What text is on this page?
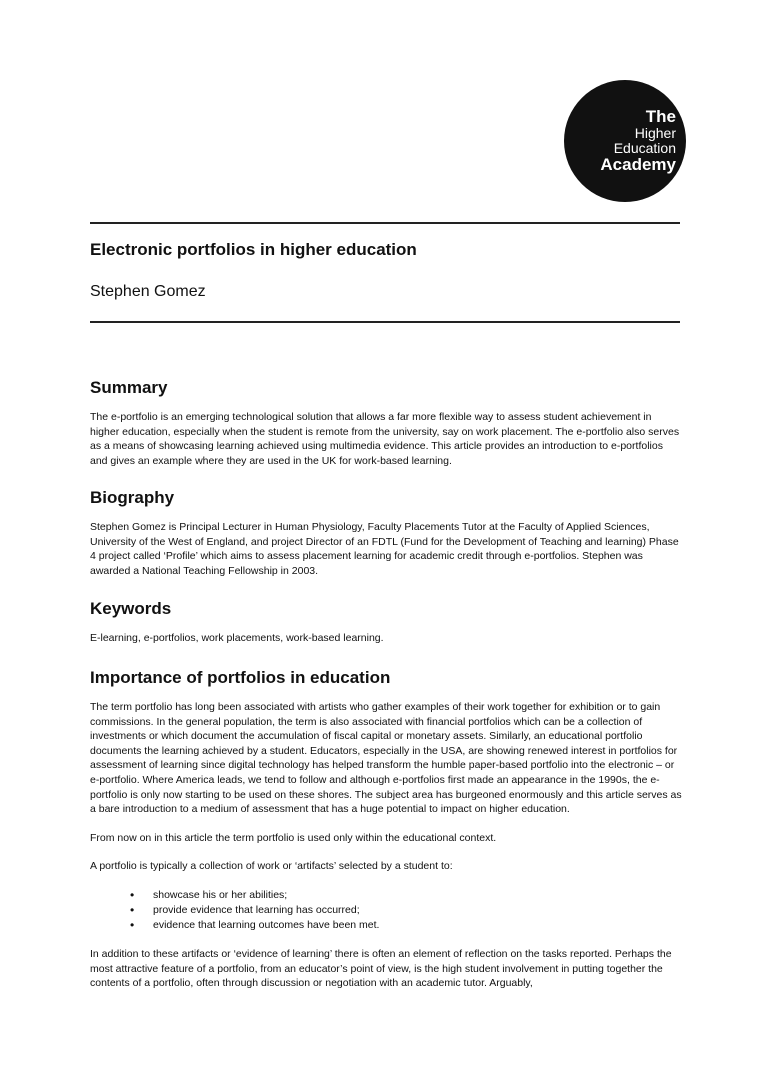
The
Higher
Education
Academy
Electronic portfolios in higher education
Stephen Gomez
Summary

The e-portfolio is an emerging technological solution that allows a far more flexible way to assess student achievement in higher education, especially when the student is remote from the university, say on work placement. The e-portfolio also serves as a means of showcasing learning achieved using multimedia evidence. This article provides an introduction to e-portfolios and gives an example where they are used in the UK for work-based learning.

Biography

Stephen Gomez is Principal Lecturer in Human Physiology, Faculty Placements Tutor at the Faculty of Applied Sciences, University of the West of England, and project Director of an FDTL (Fund for the Development of Teaching and learning) Phase 4 project called ‘Profile’ which aims to assess placement learning for academic credit through e-portfolios. Stephen was awarded a National Teaching Fellowship in 2003.

Keywords

E-learning, e-portfolios, work placements, work-based learning.

Importance of portfolios in education

The term portfolio has long been associated with artists who gather examples of their work together for exhibition or to gain commissions. In the general population, the term is also associated with financial portfolios which can be a collection of investments or which document the accumulation of fiscal capital or monetary assets. Similarly, an educational portfolio documents the learning achieved by a student. Educators, especially in the USA, are showing renewed interest in portfolios for assessment of learning since digital technology has helped transform the humble paper-based portfolio into the electronic – or e-portfolio. Where America leads, we tend to follow and although e-portfolios first made an appearance in the 1990s, the e-portfolio is only now starting to be used on these shores. The subject area has burgeoned enormously and this article serves as a bare introduction to a medium of assessment that has a huge potential to impact on higher education.

From now on in this article the term portfolio is used only within the educational context.

A portfolio is typically a collection of work or ‘artifacts’ selected by a student to:

• showcase his or her abilities;
• provide evidence that learning has occurred;
• evidence that learning outcomes have been met.

In addition to these artifacts or ‘evidence of learning’ there is often an element of reflection on the tasks reported. Perhaps the most attractive feature of a portfolio, from an educator’s point of view, is the high student involvement in putting together the contents of a portfolio, often through discussion or negotiation with an academic tutor. Arguably,
